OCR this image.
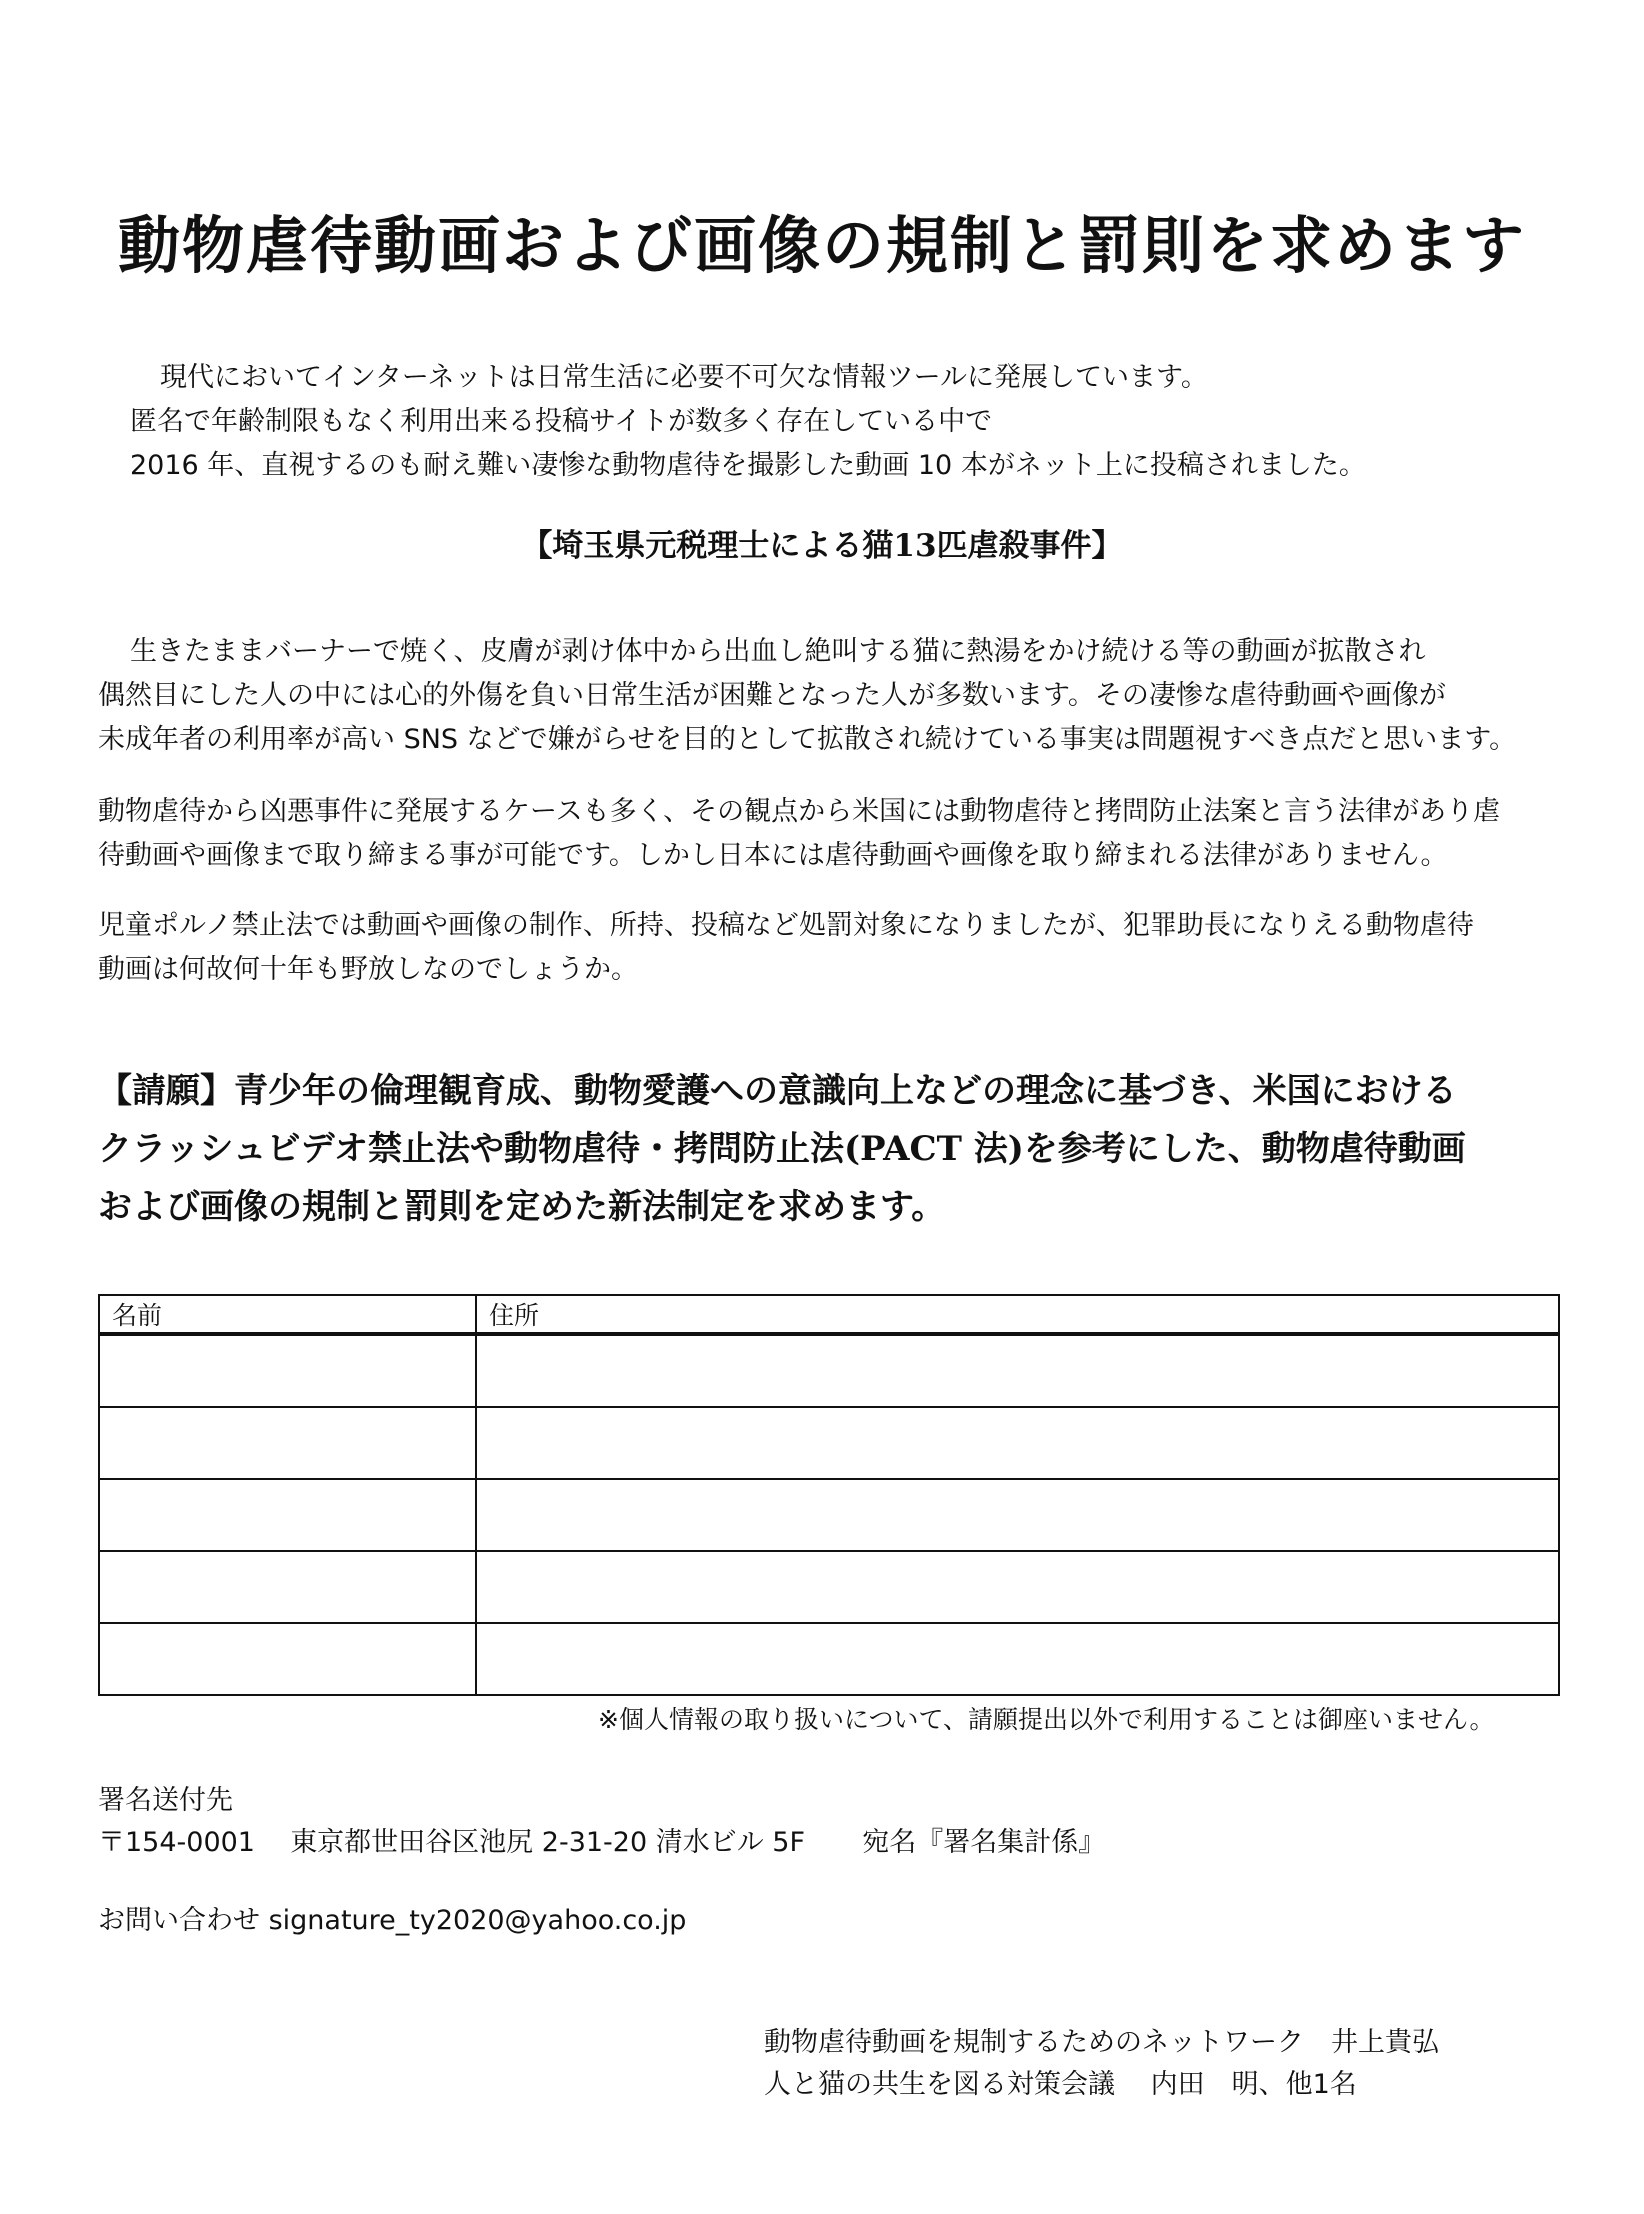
動物虐待動画および画像の規制と罰則を求めます
現代においてインターネットは日常生活に必要不可欠な情報ツールに発展しています。
匿名で年齢制限もなく利用出来る投稿サイトが数多く存在している中で
2016 年、直視するのも耐え難い凄惨な動物虐待を撮影した動画 10 本がネット上に投稿されました。
【埼玉県元税理士による猫13匹虐殺事件】
生きたままバーナーで焼く、皮膚が剥け体中から出血し絶叫する猫に熱湯をかけ続ける等の動画が拡散され
偶然目にした人の中には心的外傷を負い日常生活が困難となった人が多数います。その凄惨な虐待動画や画像が
未成年者の利用率が高い SNS などで嫌がらせを目的として拡散され続けている事実は問題視すべき点だと思います。
動物虐待から凶悪事件に発展するケースも多く、その観点から米国には動物虐待と拷問防止法案と言う法律があり虐
待動画や画像まで取り締まる事が可能です。しかし日本には虐待動画や画像を取り締まれる法律がありません。
児童ポルノ禁止法では動画や画像の制作、所持、投稿など処罰対象になりましたが、犯罪助長になりえる動物虐待
動画は何故何十年も野放しなのでしょうか。
【請願】青少年の倫理観育成、動物愛護への意識向上などの理念に基づき、米国における
クラッシュビデオ禁止法や動物虐待・拷問防止法(PACT 法)を参考にした、動物虐待動画
および画像の規制と罰則を定めた新法制定を求めます。
名前	住所

※個人情報の取り扱いについて、請願提出以外で利用することは御座いません。
署名送付先
〒154-0001 東京都世田谷区池尻 2-31-20 清水ビル 5F 宛名『署名集計係』
お問い合わせ signature_ty2020@yahoo.co.jp
動物虐待動画を規制するためのネットワーク　井上貴弘
人と猫の共生を図る対策会議　 内田　明、他1名
